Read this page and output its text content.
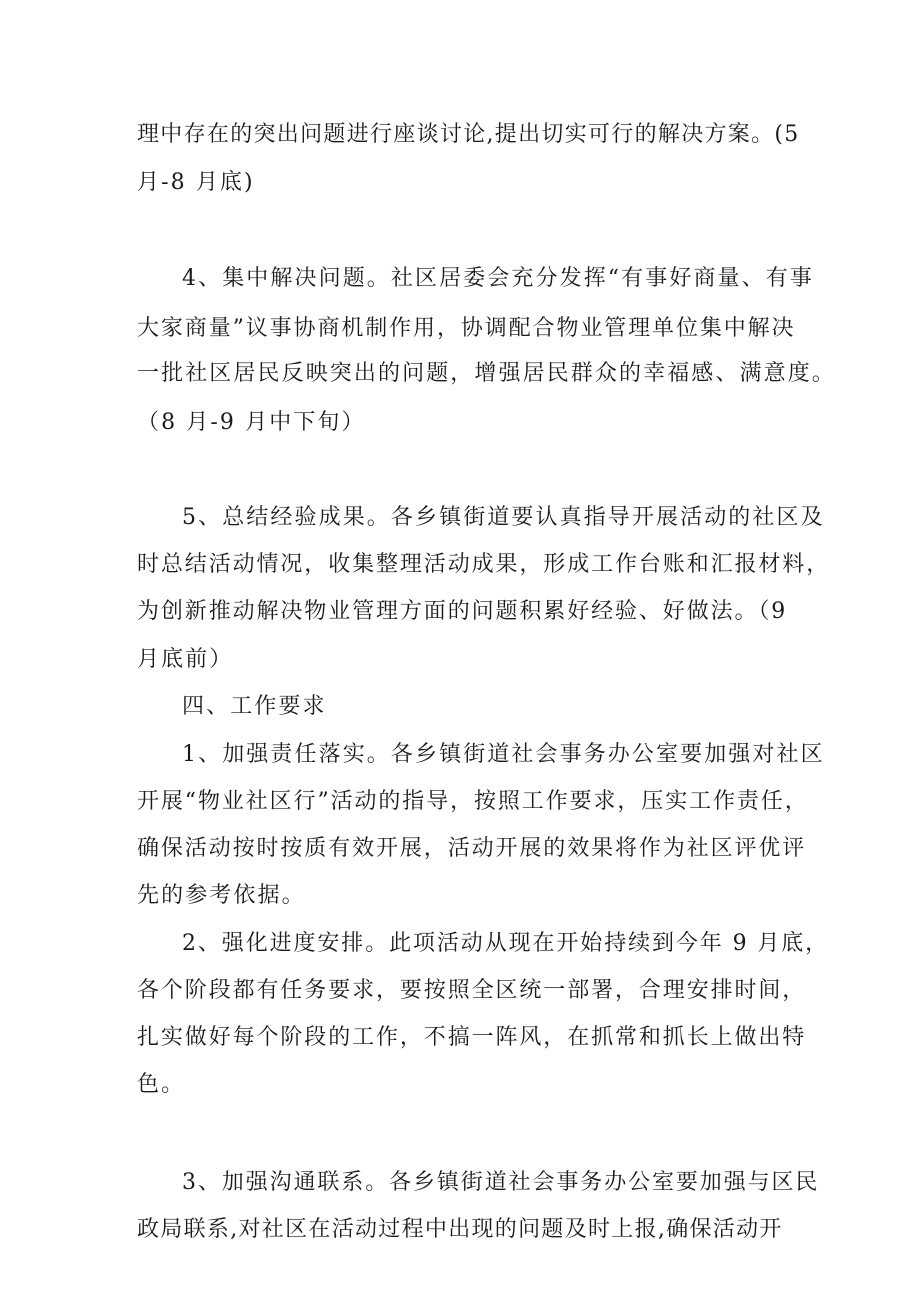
理中存在的突出问题进行座谈讨论,提出切实可行的解决方案。(5
月-8 月底)
4、集中解决问题。社区居委会充分发挥“有事好商量、有事
大家商量”议事协商机制作用，协调配合物业管理单位集中解决
一批社区居民反映突出的问题，增强居民群众的幸福感、满意度。
（8 月-9 月中下旬）
5、总结经验成果。各乡镇街道要认真指导开展活动的社区及
时总结活动情况，收集整理活动成果，形成工作台账和汇报材料，
为创新推动解决物业管理方面的问题积累好经验、好做法。（9
月底前）
四、工作要求
1、加强责任落实。各乡镇街道社会事务办公室要加强对社区
开展“物业社区行”活动的指导，按照工作要求，压实工作责任，
确保活动按时按质有效开展，活动开展的效果将作为社区评优评
先的参考依据。
2、强化进度安排。此项活动从现在开始持续到今年 9 月底，
各个阶段都有任务要求，要按照全区统一部署，合理安排时间，
扎实做好每个阶段的工作，不搞一阵风，在抓常和抓长上做出特
色。
3、加强沟通联系。各乡镇街道社会事务办公室要加强与区民
政局联系,对社区在活动过程中出现的问题及时上报,确保活动开
